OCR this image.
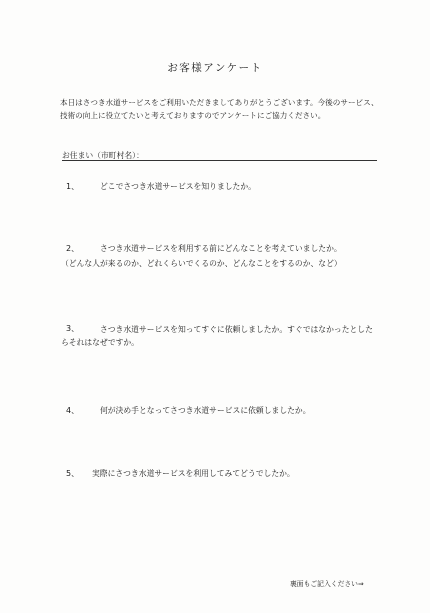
お客様アンケート
本日はさつき水道サービスをご利用いただきましてありがとうございます。今後のサービス、技術の向上に役立てたいと考えておりますのでアンケートにご協力ください。
お住まい（市町村名）：
1、	どこでさつき水道サービスを知りましたか。
2、	さつき水道サービスを利用する前にどんなことを考えていましたか。
（どんな人が来るのか、どれくらいでくるのか、どんなことをするのか、など）
3、	さつき水道サービスを知ってすぐに依頼しましたか。すぐではなかったとしたらそれはなぜですか。
4、	何が決め手となってさつき水道サービスに依頼しましたか。
5、 実際にさつき水道サービスを利用してみてどうでしたか。
裏面もご記入ください⇒
